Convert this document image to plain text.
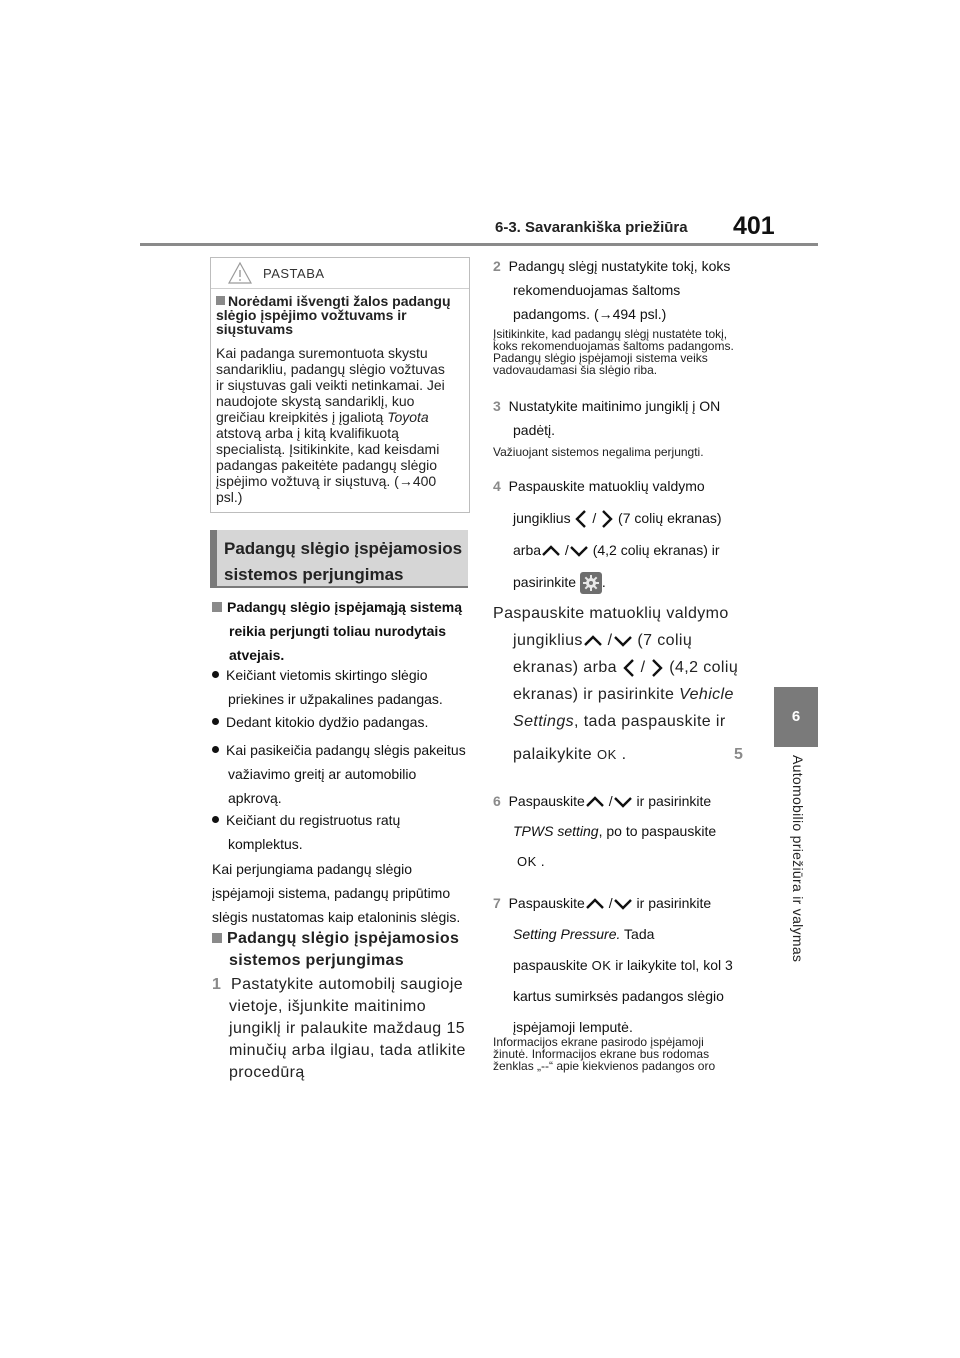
6-3. Savarankiška priežiūra 401
6
Automobilio priežiūra ir valymas
PASTABA
Norėdami išvengti žalos padangų
slėgio įspėjimo vožtuvams ir
siųstuvams
Kai padanga suremontuota skystu
sandarikliu, padangų slėgio vožtuvas
ir siųstuvas gali veikti netinkamai. Jei
naudojote skystą sandariklį, kuo
greičiau kreipkitės į įgaliotą Toyota
atstovą arba į kitą kvalifikuotą
specialistą. Įsitikinkite, kad keisdami
padangas pakeitėte padangų slėgio
įspėjimo vožtuvą ir siųstuvą. (→400
psl.)
Padangų slėgio įspėjamosios
sistemos perjungimas
Padangų slėgio įspėjamąją sistemą
reikia perjungti toliau nurodytais
atvejais.
Keičiant vietomis skirtingo slėgio
priekines ir užpakalines padangas.
Dedant kitokio dydžio padangas.
Kai pasikeičia padangų slėgis pakeitus
važiavimo greitį ar automobilio
apkrovą.
Keičiant du registruotus ratų
komplektus.
Kai perjungiama padangų slėgio
įspėjamoji sistema, padangų pripūtimo
slėgis nustatomas kaip etaloninis slėgis.
Padangų slėgio įspėjamosios
sistemos perjungimas
1 Pastatykite automobilį saugioje
vietoje, išjunkite maitinimo
jungiklį ir palaukite maždaug 15
minučių arba ilgiau, tada atlikite
procedūrą
2 Padangų slėgį nustatykite tokį, koks
rekomenduojamas šaltoms
padangoms. (→494 psl.)
Įsitikinkite, kad padangų slėgį nustatėte tokį,
koks rekomenduojamas šaltoms padangoms.
Padangų slėgio įspėjamoji sistema veiks
vadovaudamasi šia slėgio riba.
3 Nustatykite maitinimo jungiklį į ON
padėtį.
Važiuojant sistemos negalima perjungti.
4 Paspauskite matuoklių valdymo
jungiklius / (7 colių ekranas)
arba / (4,2 colių ekranas) ir
pasirinkite .
Paspauskite matuoklių valdymo
jungiklius / (7 colių
ekranas) arba / (4,2 colių
ekranas) ir pasirinkite Vehicle
Settings, tada paspauskite ir
palaikykite OK .	5
6 Paspauskite / ir pasirinkite
TPWS setting, po to paspauskite
OK .
7 Paspauskite / ir pasirinkite
Setting Pressure. Tada
paspauskite OK ir laikykite tol, kol 3
kartus sumirksės padangos slėgio
įspėjamoji lemputė.
Informacijos ekrane pasirodo įspėjamoji
žinutė. Informacijos ekrane bus rodomas
ženklas „--“ apie kiekvienos padangos oro
